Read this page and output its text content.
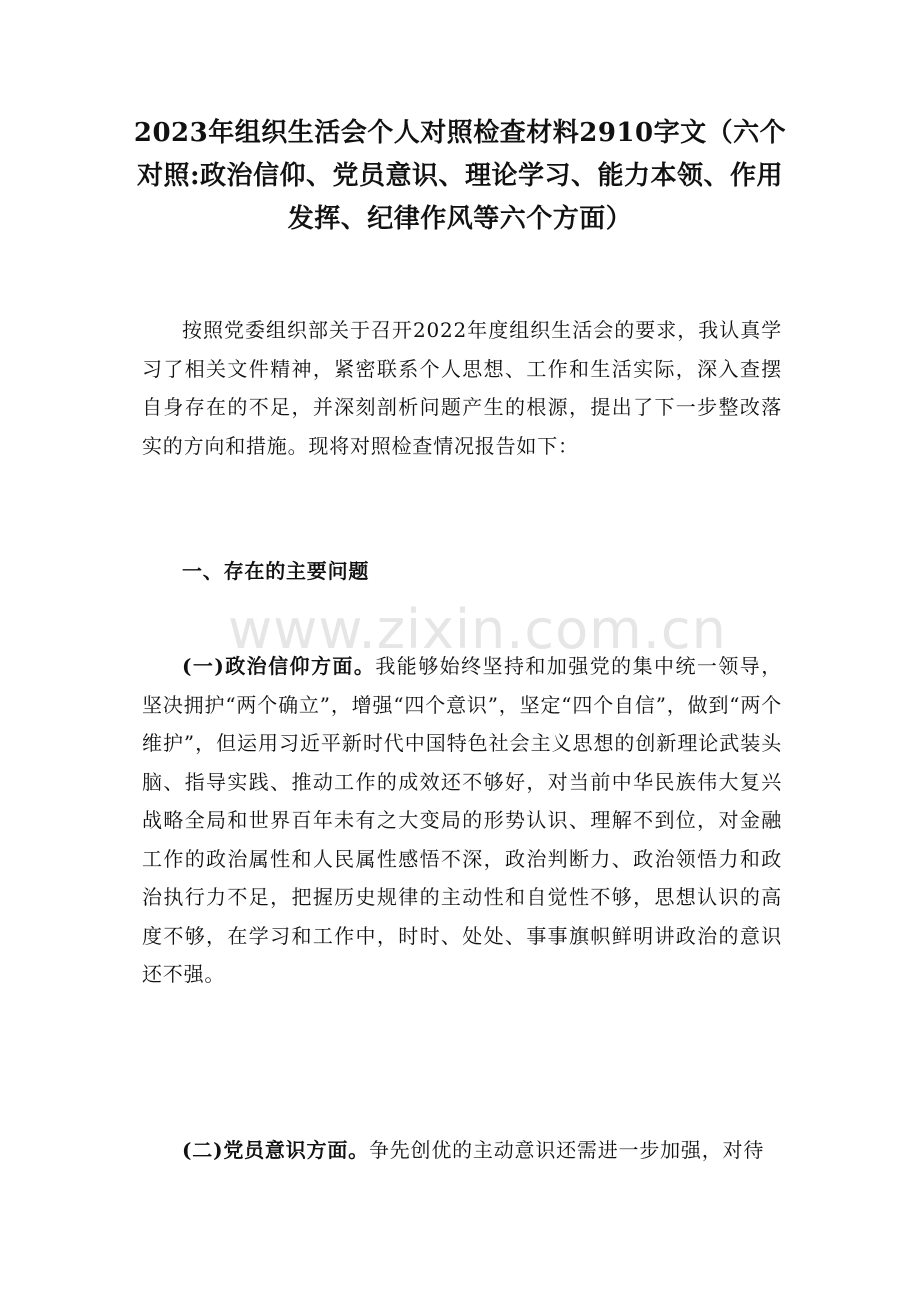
2023年组织生活会个人对照检查材料2910字文（六个对照:政治信仰、党员意识、理论学习、能力本领、作用发挥、纪律作风等六个方面）

按照党委组织部关于召开2022年度组织生活会的要求，我认真学习了相关文件精神，紧密联系个人思想、工作和生活实际，深入查摆自身存在的不足，并深刻剖析问题产生的根源，提出了下一步整改落实的方向和措施。现将对照检查情况报告如下：

一、存在的主要问题

(一)政治信仰方面。我能够始终坚持和加强党的集中统一领导，坚决拥护“两个确立”，增强“四个意识”，坚定“四个自信”，做到“两个维护”，但运用习近平新时代中国特色社会主义思想的创新理论武装头脑、指导实践、推动工作的成效还不够好，对当前中华民族伟大复兴战略全局和世界百年未有之大变局的形势认识、理解不到位，对金融工作的政治属性和人民属性感悟不深，政治判断力、政治领悟力和政治执行力不足，把握历史规律的主动性和自觉性不够，思想认识的高度不够，在学习和工作中，时时、处处、事事旗帜鲜明讲政治的意识还不强。

(二)党员意识方面。争先创优的主动意识还需进一步加强，对待

www.zixin.com.cn
